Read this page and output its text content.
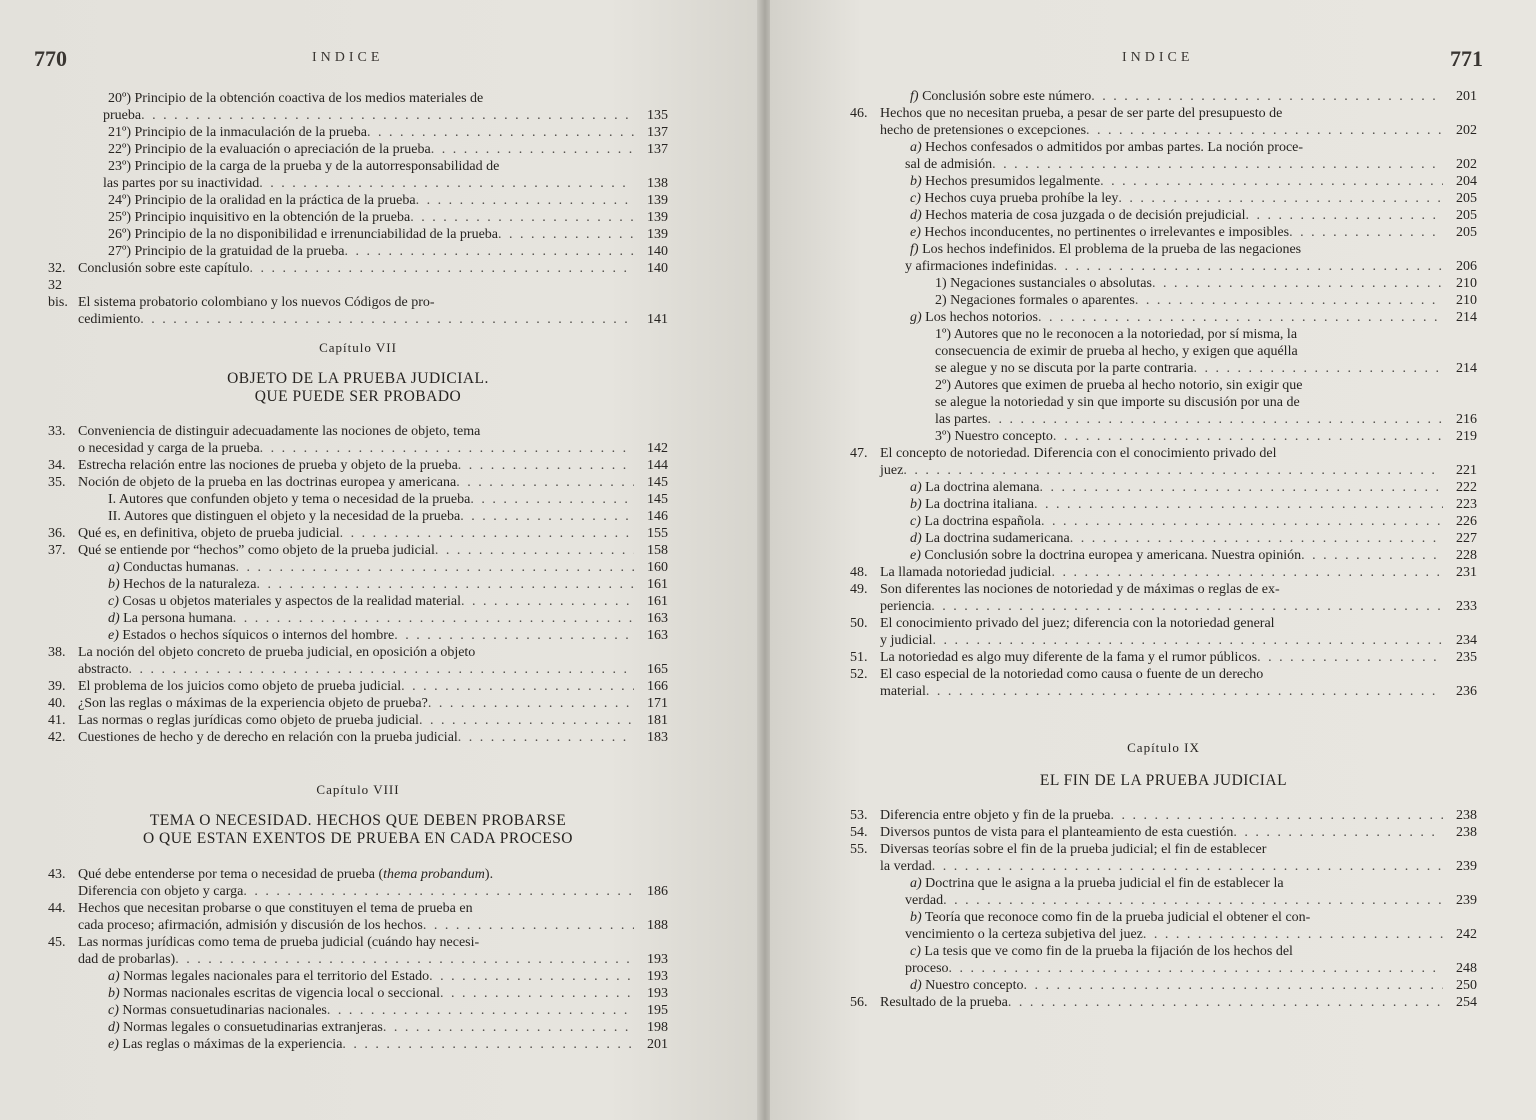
770	INDICE
20º) Principio de la obtención coactiva de los medios materiales de
prueba . . .	135
21º) Principio de la inmaculación de la prueba . . .	137
22º) Principio de la evaluación o apreciación de la prueba . . .	137
23º) Principio de la carga de la prueba y de la autorresponsabilidad de
las partes por su inactividad . . .	138
24º) Principio de la oralidad en la práctica de la prueba . . .	139
25º) Principio inquisitivo en la obtención de la prueba . . .	139
26º) Principio de la no disponibilidad e irrenunciabilidad de la prueba . . .	139
27º) Principio de la gratuidad de la prueba . . .	140
32. Conclusión sobre este capítulo . . .	140
32 bis. El sistema probatorio colombiano y los nuevos Códigos de pro-
cedimiento . . .	141
Capítulo VII
OBJETO DE LA PRUEBA JUDICIAL.
QUE PUEDE SER PROBADO
33. Conveniencia de distinguir adecuadamente las nociones de objeto, tema
o necesidad y carga de la prueba . . .	142
34. Estrecha relación entre las nociones de prueba y objeto de la prueba . . .	144
35. Noción de objeto de la prueba en las doctrinas europea y americana . . .	145
I. Autores que confunden objeto y tema o necesidad de la prueba . . .	145
II. Autores que distinguen el objeto y la necesidad de la prueba . . .	146
36. Qué es, en definitiva, objeto de prueba judicial . . .	155
37. Qué se entiende por “hechos” como objeto de la prueba judicial . . .	158
a) Conductas humanas . . .	160
b) Hechos de la naturaleza . . .	161
c) Cosas u objetos materiales y aspectos de la realidad material . . .	161
d) La persona humana . . .	163
e) Estados o hechos síquicos o internos del hombre . . .	163
38. La noción del objeto concreto de prueba judicial, en oposición a objeto
abstracto . . .	165
39. El problema de los juicios como objeto de prueba judicial . . .	166
40. ¿Son las reglas o máximas de la experiencia objeto de prueba? . . .	171
41. Las normas o reglas jurídicas como objeto de prueba judicial . . .	181
42. Cuestiones de hecho y de derecho en relación con la prueba judicial . . .	183
Capítulo VIII
TEMA O NECESIDAD. HECHOS QUE DEBEN PROBARSE
O QUE ESTAN EXENTOS DE PRUEBA EN CADA PROCESO
43. Qué debe entenderse por tema o necesidad de prueba (thema probandum).
Diferencia con objeto y carga . . .	186
44. Hechos que necesitan probarse o que constituyen el tema de prueba en
cada proceso; afirmación, admisión y discusión de los hechos . . .	188
45. Las normas jurídicas como tema de prueba judicial (cuándo hay necesi-
dad de probarlas) . . .	193
a) Normas legales nacionales para el territorio del Estado . . .	193
b) Normas nacionales escritas de vigencia local o seccional . . .	193
c) Normas consuetudinarias nacionales . . .	195
d) Normas legales o consuetudinarias extranjeras . . .	198
e) Las reglas o máximas de la experiencia . . .	201
771
INDICE
f) Conclusión sobre este número . . .	201
46. Hechos que no necesitan prueba, a pesar de ser parte del presupuesto de
hecho de pretensiones o excepciones . . .	202
a) Hechos confesados o admitidos por ambas partes. La noción proce-
sal de admisión . . .	202
b) Hechos presumidos legalmente . . .	204
c) Hechos cuya prueba prohíbe la ley . . .	205
d) Hechos materia de cosa juzgada o de decisión prejudicial . . .	205
e) Hechos inconducentes, no pertinentes o irrelevantes e imposibles . . .	205
f) Los hechos indefinidos. El problema de la prueba de las negaciones
y afirmaciones indefinidas . . .	206
1) Negaciones sustanciales o absolutas . . .	210
2) Negaciones formales o aparentes . . .	210
g) Los hechos notorios . . .	214
1º) Autores que no le reconocen a la notoriedad, por sí misma, la
consecuencia de eximir de prueba al hecho, y exigen que aquélla
se alegue y no se discuta por la parte contraria . . .	214
2º) Autores que eximen de prueba al hecho notorio, sin exigir que
se alegue la notoriedad y sin que importe su discusión por una de
las partes . . .	216
3º) Nuestro concepto . . .	219
47. El concepto de notoriedad. Diferencia con el conocimiento privado del
juez . . .	221
a) La doctrina alemana . . .	222
b) La doctrina italiana . . .	223
c) La doctrina española . . .	226
d) La doctrina sudamericana . . .	227
e) Conclusión sobre la doctrina europea y americana. Nuestra opinión . . .	228
48. La llamada notoriedad judicial . . .	231
49. Son diferentes las nociones de notoriedad y de máximas o reglas de ex-
periencia . . .	233
50. El conocimiento privado del juez; diferencia con la notoriedad general
y judicial . . .	234
51. La notoriedad es algo muy diferente de la fama y el rumor públicos . . .	235
52. El caso especial de la notoriedad como causa o fuente de un derecho
material . . .	236
Capítulo IX
EL FIN DE LA PRUEBA JUDICIAL
53. Diferencia entre objeto y fin de la prueba . . .	238
54. Diversos puntos de vista para el planteamiento de esta cuestión . . .	238
55. Diversas teorías sobre el fin de la prueba judicial; el fin de establecer
la verdad . . .	239
a) Doctrina que le asigna a la prueba judicial el fin de establecer la
verdad . . .	239
b) Teoría que reconoce como fin de la prueba judicial el obtener el con-
vencimiento o la certeza subjetiva del juez . . .	242
c) La tesis que ve como fin de la prueba la fijación de los hechos del
proceso . . .	248
d) Nuestro concepto . . .	250
56. Resultado de la prueba . . .	254
